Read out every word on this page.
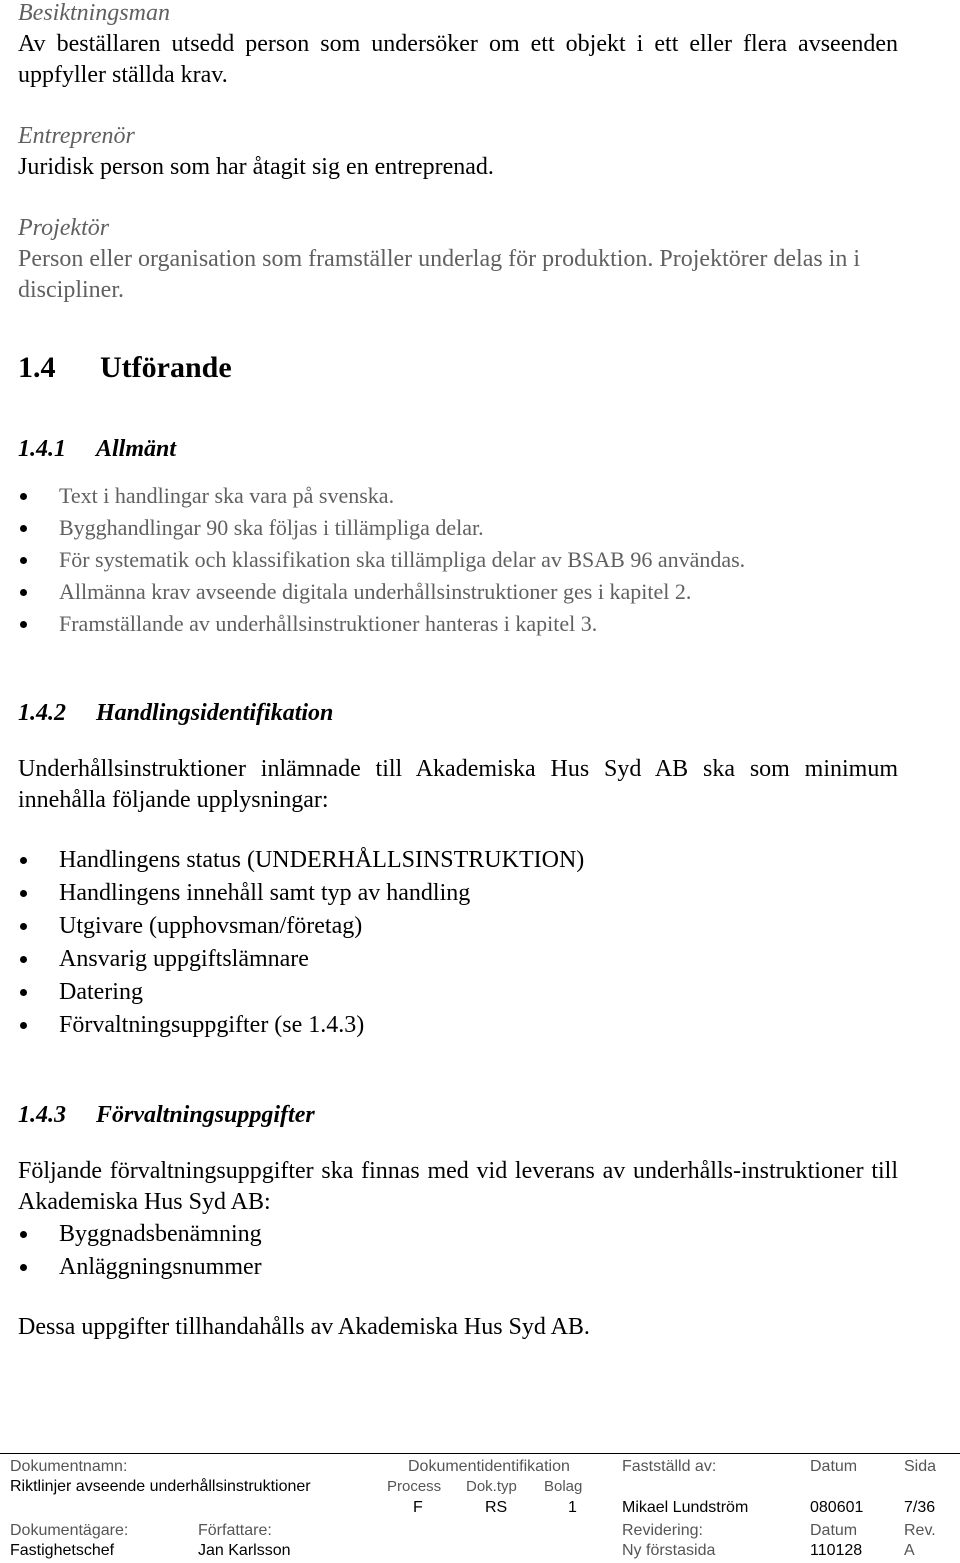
Besiktningsman

Av beställaren utsedd person som undersöker om ett objekt i ett eller flera avseenden uppfyller ställda krav.

Entreprenör

Juridisk person som har åtagit sig en entreprenad.

Projektör

Person eller organisation som framställer underlag för produktion. Projektörer delas in i discipliner.

1.4 Utförande
1.4.1 Allmänt
Text i handlingar ska vara på svenska.
Bygghandlingar 90 ska följas i tillämpliga delar.
För systematik och klassifikation ska tillämpliga delar av BSAB 96 användas.
Allmänna krav avseende digitala underhållsinstruktioner ges i kapitel 2.
Framställande av underhållsinstruktioner hanteras i kapitel 3.
1.4.2 Handlingsidentifikation

Underhållsinstruktioner inlämnade till Akademiska Hus Syd AB ska som minimum innehålla följande upplysningar:

Handlingens status (UNDERHÅLLSINSTRUKTION)
Handlingens innehåll samt typ av handling
Utgivare (upphovsman/företag)
Ansvarig uppgiftslämnare
Datering
Förvaltningsuppgifter (se 1.4.3)
1.4.3 Förvaltningsuppgifter

Följande förvaltningsuppgifter ska finnas med vid leverans av underhålls-instruktioner till Akademiska Hus Syd AB:

Byggnadsbenämning
Anläggningsnummer

Dessa uppgifter tillhandahålls av Akademiska Hus Syd AB.

Dokumentnamn:
Riktlinjer avseende underhållsinstruktioner
Dokumentidentifikation
Process Dok.typ Bolag
F	RS	1
Fastställd av:
Mikael Lundström
Datum
080601
Sida
7/36
Dokumentägare:
Fastighetschef
Författare:
Jan Karlsson
Revidering:
Ny förstasida
Datum
110128
Rev.
A
